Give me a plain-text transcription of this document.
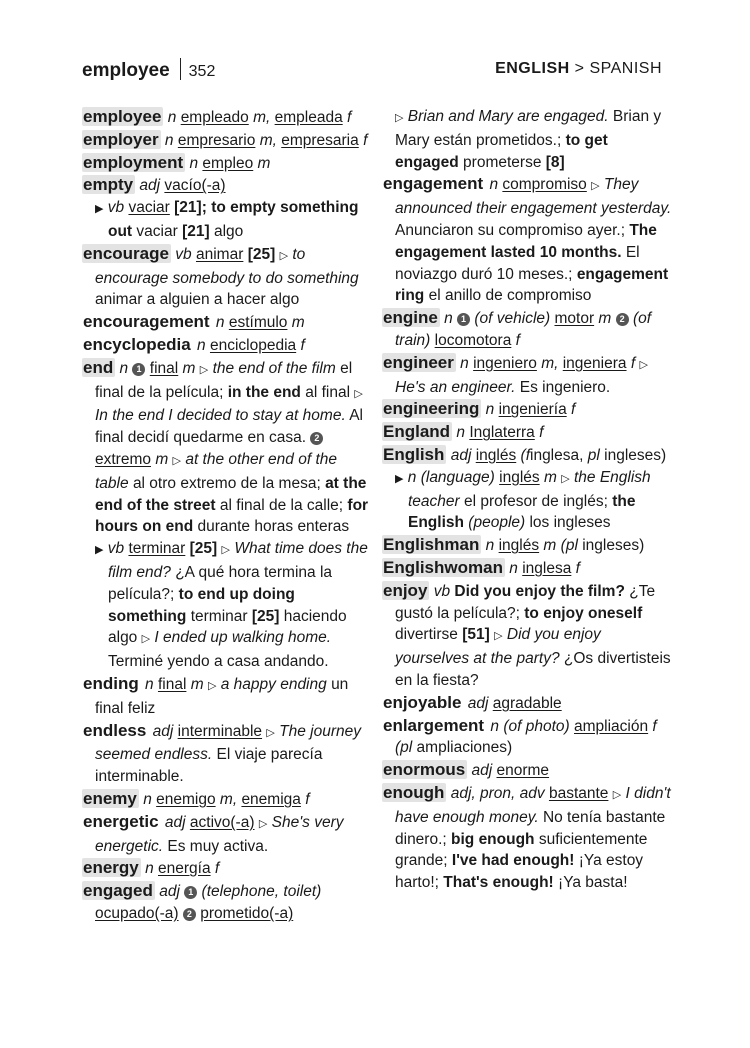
employee 352	ENGLISH > SPANISH
employee n empleado m, empleada f
employer n empresario m, empresaria f
employment n empleo m
empty adj vacío(-a)
▶ vb vaciar [21]; to empty something out vaciar [21] algo
encourage vb animar [25] ▷ to encourage somebody to do something animar a alguien a hacer algo
encouragement n estímulo m
encyclopedia n enciclopedia f
end n 1 final m ▷ the end of the film el final de la película; in the end al final ▷ In the end I decided to stay at home. Al final decidí quedarme en casa. 2 extremo m ▷ at the other end of the table al otro extremo de la mesa; at the end of the street al final de la calle; for hours on end durante horas enteras
▶ vb terminar [25] ▷ What time does the film end? ¿A qué hora termina la película?; to end up doing something terminar [25] haciendo algo ▷ I ended up walking home. Terminé yendo a casa andando.
ending n final m ▷ a happy ending un final feliz
endless adj interminable ▷ The journey seemed endless. El viaje parecía interminable.
enemy n enemigo m, enemiga f
energetic adj activo(-a) ▷ She's very energetic. Es muy activa.
energy n energía f
engaged adj 1 (telephone, toilet) ocupado(-a) 2 prometido(-a)
▷ Brian and Mary are engaged. Brian y Mary están prometidos.; to get engaged prometerse [8]
engagement n compromiso ▷ They announced their engagement yesterday. Anunciaron su compromiso ayer.; The engagement lasted 10 months. El noviazgo duró 10 meses.; engagement ring el anillo de compromiso
engine n 1 (of vehicle) motor m 2 (of train) locomotora f
engineer n ingeniero m, ingeniera f ▷ He's an engineer. Es ingeniero.
engineering n ingeniería f
England n Inglaterra f
English adj inglés (finglesa, pl ingleses)
▶ n (language) inglés m ▷ the English teacher el profesor de inglés; the English (people) los ingleses
Englishman n inglés m (pl ingleses)
Englishwoman n inglesa f
enjoy vb Did you enjoy the film? ¿Te gustó la película?; to enjoy oneself divertirse [51] ▷ Did you enjoy yourselves at the party? ¿Os divertisteis en la fiesta?
enjoyable adj agradable
enlargement n (of photo) ampliación f (pl ampliaciones)
enormous adj enorme
enough adj, pron, adv bastante ▷ I didn't have enough money. No tenía bastante dinero.; big enough suficientemente grande; I've had enough! ¡Ya estoy harto!; That's enough! ¡Ya basta!
